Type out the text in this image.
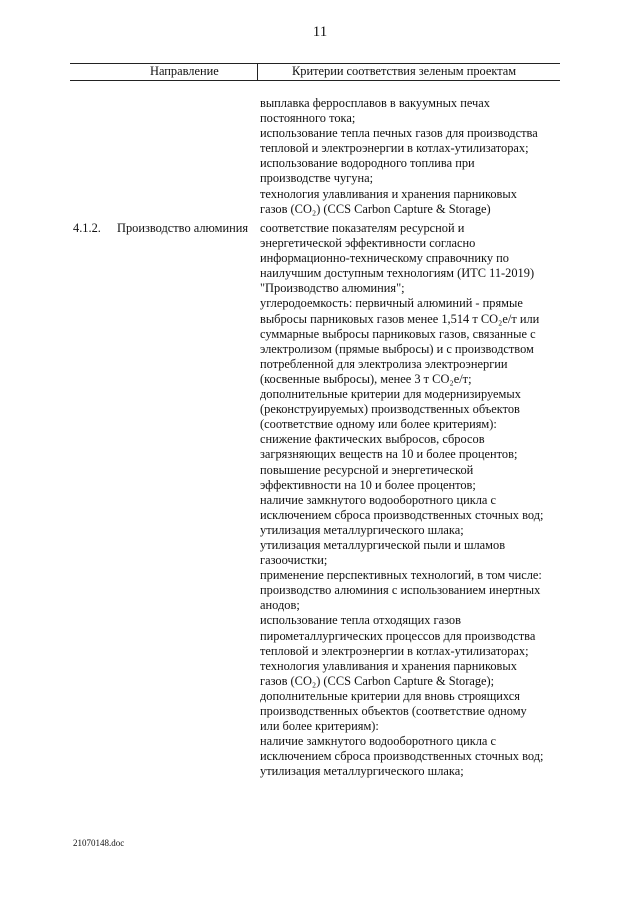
11
Направление	Критерии соответствия зеленым проектам
выплавка ферросплавов в вакуумных печах
постоянного тока;
использование тепла печных газов для производства
тепловой и электроэнергии в котлах-утилизаторах;
использование водородного топлива при
производстве чугуна;
технология улавливания и хранения парниковых
газов (CO₂) (CCS Carbon Capture & Storage)
4.1.2. Производство алюминия соответствие показателям ресурсной и
энергетической эффективности согласно
информационно-техническому справочнику по
наилучшим доступным технологиям (ИТС 11-2019)
"Производство алюминия";
углеродоемкость: первичный алюминий - прямые
выбросы парниковых газов менее 1,514 т CO₂е/т или
суммарные выбросы парниковых газов, связанные с
электролизом (прямые выбросы) и с производством
потребленной для электролиза электроэнергии
(косвенные выбросы), менее 3 т CO₂е/т;
дополнительные критерии для модернизируемых
(реконструируемых) производственных объектов
(соответствие одному или более критериям):
снижение фактических выбросов, сбросов
загрязняющих веществ на 10 и более процентов;
повышение ресурсной и энергетической
эффективности на 10 и более процентов;
наличие замкнутого водооборотного цикла с
исключением сброса производственных сточных вод;
утилизация металлургического шлака;
утилизация металлургической пыли и шламов
газоочистки;
применение перспективных технологий, в том числе:
производство алюминия с использованием инертных
анодов;
использование тепла отходящих газов
пирометаллургических процессов для производства
тепловой и электроэнергии в котлах-утилизаторах;
технология улавливания и хранения парниковых
газов (CO₂) (CCS Carbon Capture & Storage);
дополнительные критерии для вновь строящихся
производственных объектов (соответствие одному
или более критериям):
наличие замкнутого водооборотного цикла с
исключением сброса производственных сточных вод;
утилизация металлургического шлака;
21070148.doc
